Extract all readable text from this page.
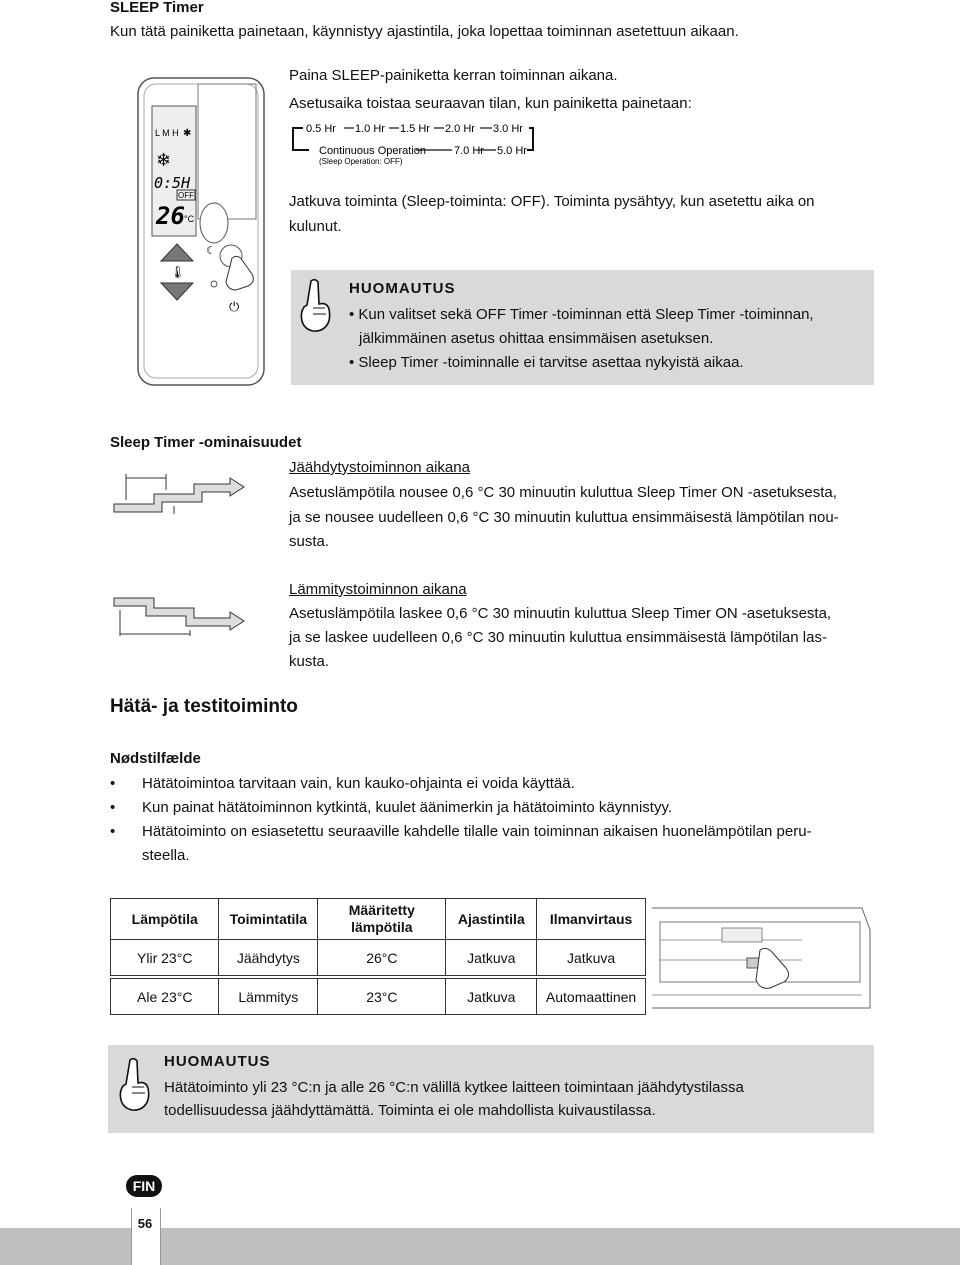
SLEEP Timer
Kun tätä painiketta painetaan, käynnistyy ajastintila, joka lopettaa toiminnan asetettuun aikaan.
L M H ✱
❄
0:5H
OFF
26 °C
🌡
☾
⏻
Paina SLEEP-painiketta kerran toiminnan aikana.
Asetusaika toistaa seuraavan tilan, kun painiketta painetaan:
0.5 Hr 1.0 Hr 1.5 Hr 2.0 Hr 3.0 Hr
Continuous Operation	7.0 Hr 5.0 Hr
(Sleep Operation: OFF)
Jatkuva toiminta (Sleep-toiminta: OFF). Toiminta pysähtyy, kun asetettu aika on
kulunut.
HUOMAUTUS
• Kun valitset sekä OFF Timer -toiminnan että Sleep Timer -toiminnan,
jälkimmäinen asetus ohittaa ensimmäisen asetuksen.
• Sleep Timer -toiminnalle ei tarvitse asettaa nykyistä aikaa.
Sleep Timer -ominaisuudet
Jäähdytystoiminnon aikana
Asetuslämpötila nousee 0,6 °C 30 minuutin kuluttua Sleep Timer ON -asetuksesta,
ja se nousee uudelleen 0,6 °C 30 minuutin kuluttua ensimmäisestä lämpötilan nou-
susta.
Lämmitystoiminnon aikana
Asetuslämpötila laskee 0,6 °C 30 minuutin kuluttua Sleep Timer ON -asetuksesta,
ja se laskee uudelleen 0,6 °C 30 minuutin kuluttua ensimmäisestä lämpötilan las-
kusta.
Hätä- ja testitoiminto
Nødstilfælde
• Hätätoimintoa tarvitaan vain, kun kauko-ohjainta ei voida käyttää.
• Kun painat hätätoiminnon kytkintä, kuulet äänimerkin ja hätätoiminto käynnistyy.
• Hätätoiminto on esiasetettu seuraaville kahdelle tilalle vain toiminnan aikaisen huonelämpötilan peru-
steella.
Lämpötila	Toimintatila	Määritetty lämpötila	Ajastintila	Ilmanvirtaus
Ylir 23°C	Jäähdytys	26°C	Jatkuva	Jatkuva

Ale 23°C	Lämmitys	23°C	Jatkuva	Automaattinen
HUOMAUTUS
Hätätoiminto yli 23 °C:n ja alle 26 °C:n välillä kytkee laitteen toimintaan jäähdytystilassa
todellisuudessa jäähdyttämättä. Toiminta ei ole mahdollista kuivaustilassa.
FIN
56
